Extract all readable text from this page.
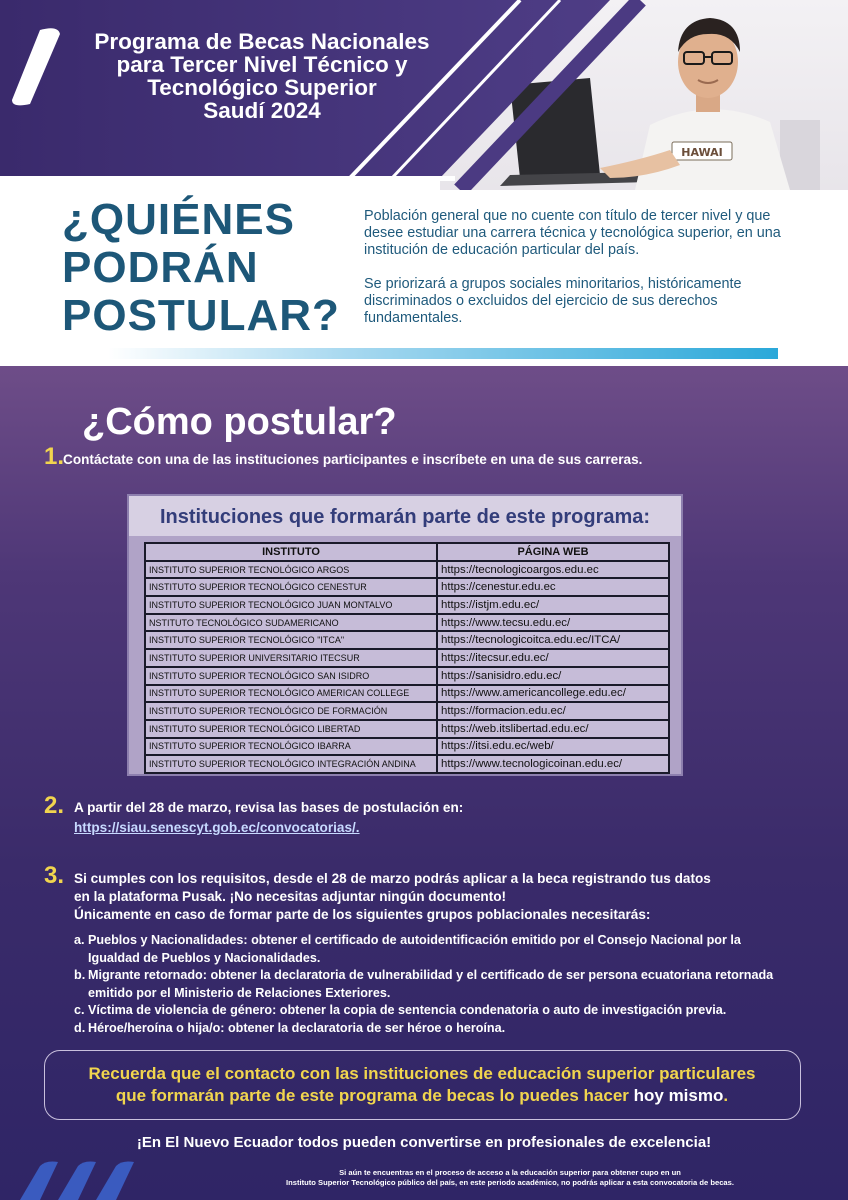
HAWAI
Programa de Becas Nacionales
para Tercer Nivel Técnico y
Tecnológico Superior
Saudí 2024
¿QUIÉNES
PODRÁN
POSTULAR?

Población general que no cuente con título de tercer nivel y que desee estudiar una carrera técnica y tecnológica superior, en una institución de educación particular del país.

Se priorizará a grupos sociales minoritarios, históricamente discriminados o excluidos del ejercicio de sus derechos fundamentales.

¿Cómo postular?
1.
Contáctate con una de las instituciones participantes e inscríbete en una de sus carreras.
Instituciones que formarán parte de este programa:
INSTITUTO	PÁGINA WEB
INSTITUTO SUPERIOR TECNOLÓGICO ARGOS	https://tecnologicoargos.edu.ec
INSTITUTO SUPERIOR TECNOLÓGICO CENESTUR	https://cenestur.edu.ec
INSTITUTO SUPERIOR TECNOLÓGICO JUAN MONTALVO	https://istjm.edu.ec/
NSTITUTO TECNOLÓGICO SUDAMERICANO	https://www.tecsu.edu.ec/
INSTITUTO SUPERIOR TECNOLÓGICO "ITCA"	https://tecnologicoitca.edu.ec/ITCA/
INSTITUTO SUPERIOR UNIVERSITARIO ITECSUR	https://itecsur.edu.ec/
INSTITUTO SUPERIOR TECNOLÓGICO SAN ISIDRO	https://sanisidro.edu.ec/
INSTITUTO SUPERIOR TECNOLÓGICO AMERICAN COLLEGE	https://www.americancollege.edu.ec/
INSTITUTO SUPERIOR TECNOLÓGICO DE FORMACIÓN	https://formacion.edu.ec/
INSTITUTO SUPERIOR TECNOLÓGICO LIBERTAD	https://web.itslibertad.edu.ec/
INSTITUTO SUPERIOR TECNOLÓGICO IBARRA	https://itsi.edu.ec/web/
INSTITUTO SUPERIOR TECNOLÓGICO INTEGRACIÓN ANDINA	https://www.tecnologicoinan.edu.ec/
2. A partir del 28 de marzo, revisa las bases de postulación en:
https://siau.senescyt.gob.ec/convocatorias/.
3. Si cumples con los requisitos, desde el 28 de marzo podrás aplicar a la beca registrando tus datos
en la plataforma Pusak. ¡No necesitas adjuntar ningún documento!
Únicamente en caso de formar parte de los siguientes grupos poblacionales necesitarás:
a. Pueblos y Nacionalidades: obtener el certificado de autoidentificación emitido por el Consejo Nacional por la
Igualdad de Pueblos y Nacionalidades.
b. Migrante retornado: obtener la declaratoria de vulnerabilidad y el certificado de ser persona ecuatoriana retornada
emitido por el Ministerio de Relaciones Exteriores.
c. Víctima de violencia de género: obtener la copia de sentencia condenatoria o auto de investigación previa.
d. Héroe/heroína o hija/o: obtener la declaratoria de ser héroe o heroína.
Recuerda que el contacto con las instituciones de educación superior particulares
que formarán parte de este programa de becas lo puedes hacer hoy mismo.
¡En El Nuevo Ecuador todos pueden convertirse en profesionales de excelencia!
Si aún te encuentras en el proceso de acceso a la educación superior para obtener cupo en un
Instituto Superior Tecnológico público del país, en este periodo académico, no podrás aplicar a esta convocatoria de becas.
